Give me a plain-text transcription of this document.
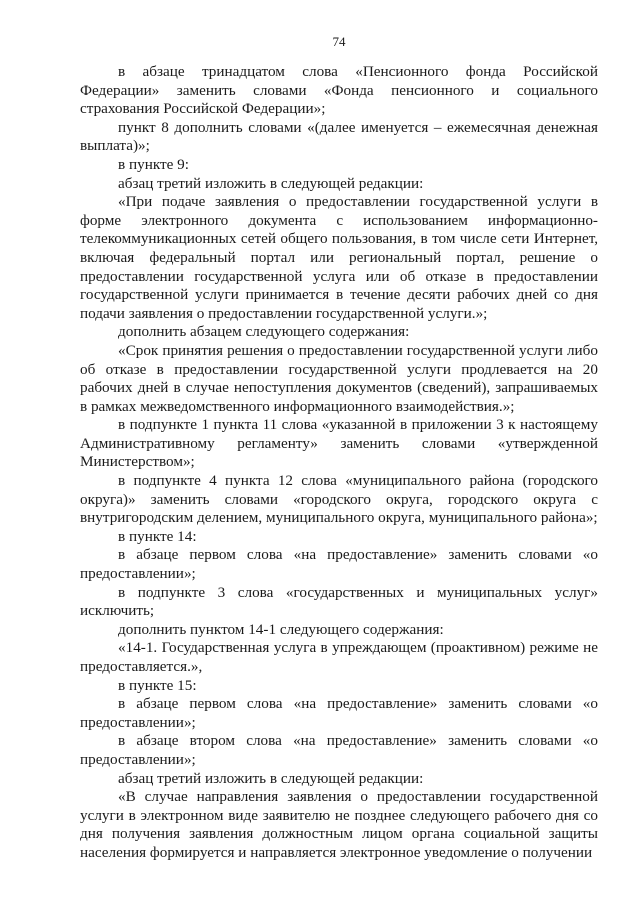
74

в абзаце тринадцатом слова «Пенсионного фонда Российской Федерации» заменить словами «Фонда пенсионного и социального страхования Российской Федерации»;

пункт 8 дополнить словами «(далее именуется – ежемесячная денежная выплата)»;

в пункте 9:

абзац третий изложить в следующей редакции:

«При подаче заявления о предоставлении государственной услуги в форме электронного документа с использованием информационно-телекоммуникационных сетей общего пользования, в том числе сети Интернет, включая федеральный портал или региональный портал, решение о предоставлении государственной услуга или об отказе в предоставлении государственной услуги принимается в течение десяти рабочих дней со дня подачи заявления о предоставлении государственной услуги.»;

дополнить абзацем следующего содержания:

«Срок принятия решения о предоставлении государственной услуги либо об отказе в предоставлении государственной услуги продлевается на 20 рабочих дней в случае непоступления документов (сведений), запрашиваемых в рамках межведомственного информационного взаимодействия.»;

в подпункте 1 пункта 11 слова «указанной в приложении 3 к настоящему Административному регламенту» заменить словами «утвержденной Министерством»;

в подпункте 4 пункта 12 слова «муниципального района (городского округа)» заменить словами «городского округа, городского округа с внутригородским делением, муниципального округа, муниципального района»;

в пункте 14:

в абзаце первом слова «на предоставление» заменить словами «о предоставлении»;

в подпункте 3 слова «государственных и муниципальных услуг» исключить;

дополнить пунктом 14-1 следующего содержания:

«14-1. Государственная услуга в упреждающем (проактивном) режиме не предоставляется.»,

в пункте 15:

в абзаце первом слова «на предоставление» заменить словами «о предоставлении»;

в абзаце втором слова «на предоставление» заменить словами «о предоставлении»;

абзац третий изложить в следующей редакции:

«В случае направления заявления о предоставлении государственной услуги в электронном виде заявителю не позднее следующего рабочего дня со дня получения заявления должностным лицом органа социальной защиты населения формируется и направляется электронное уведомление о получении
